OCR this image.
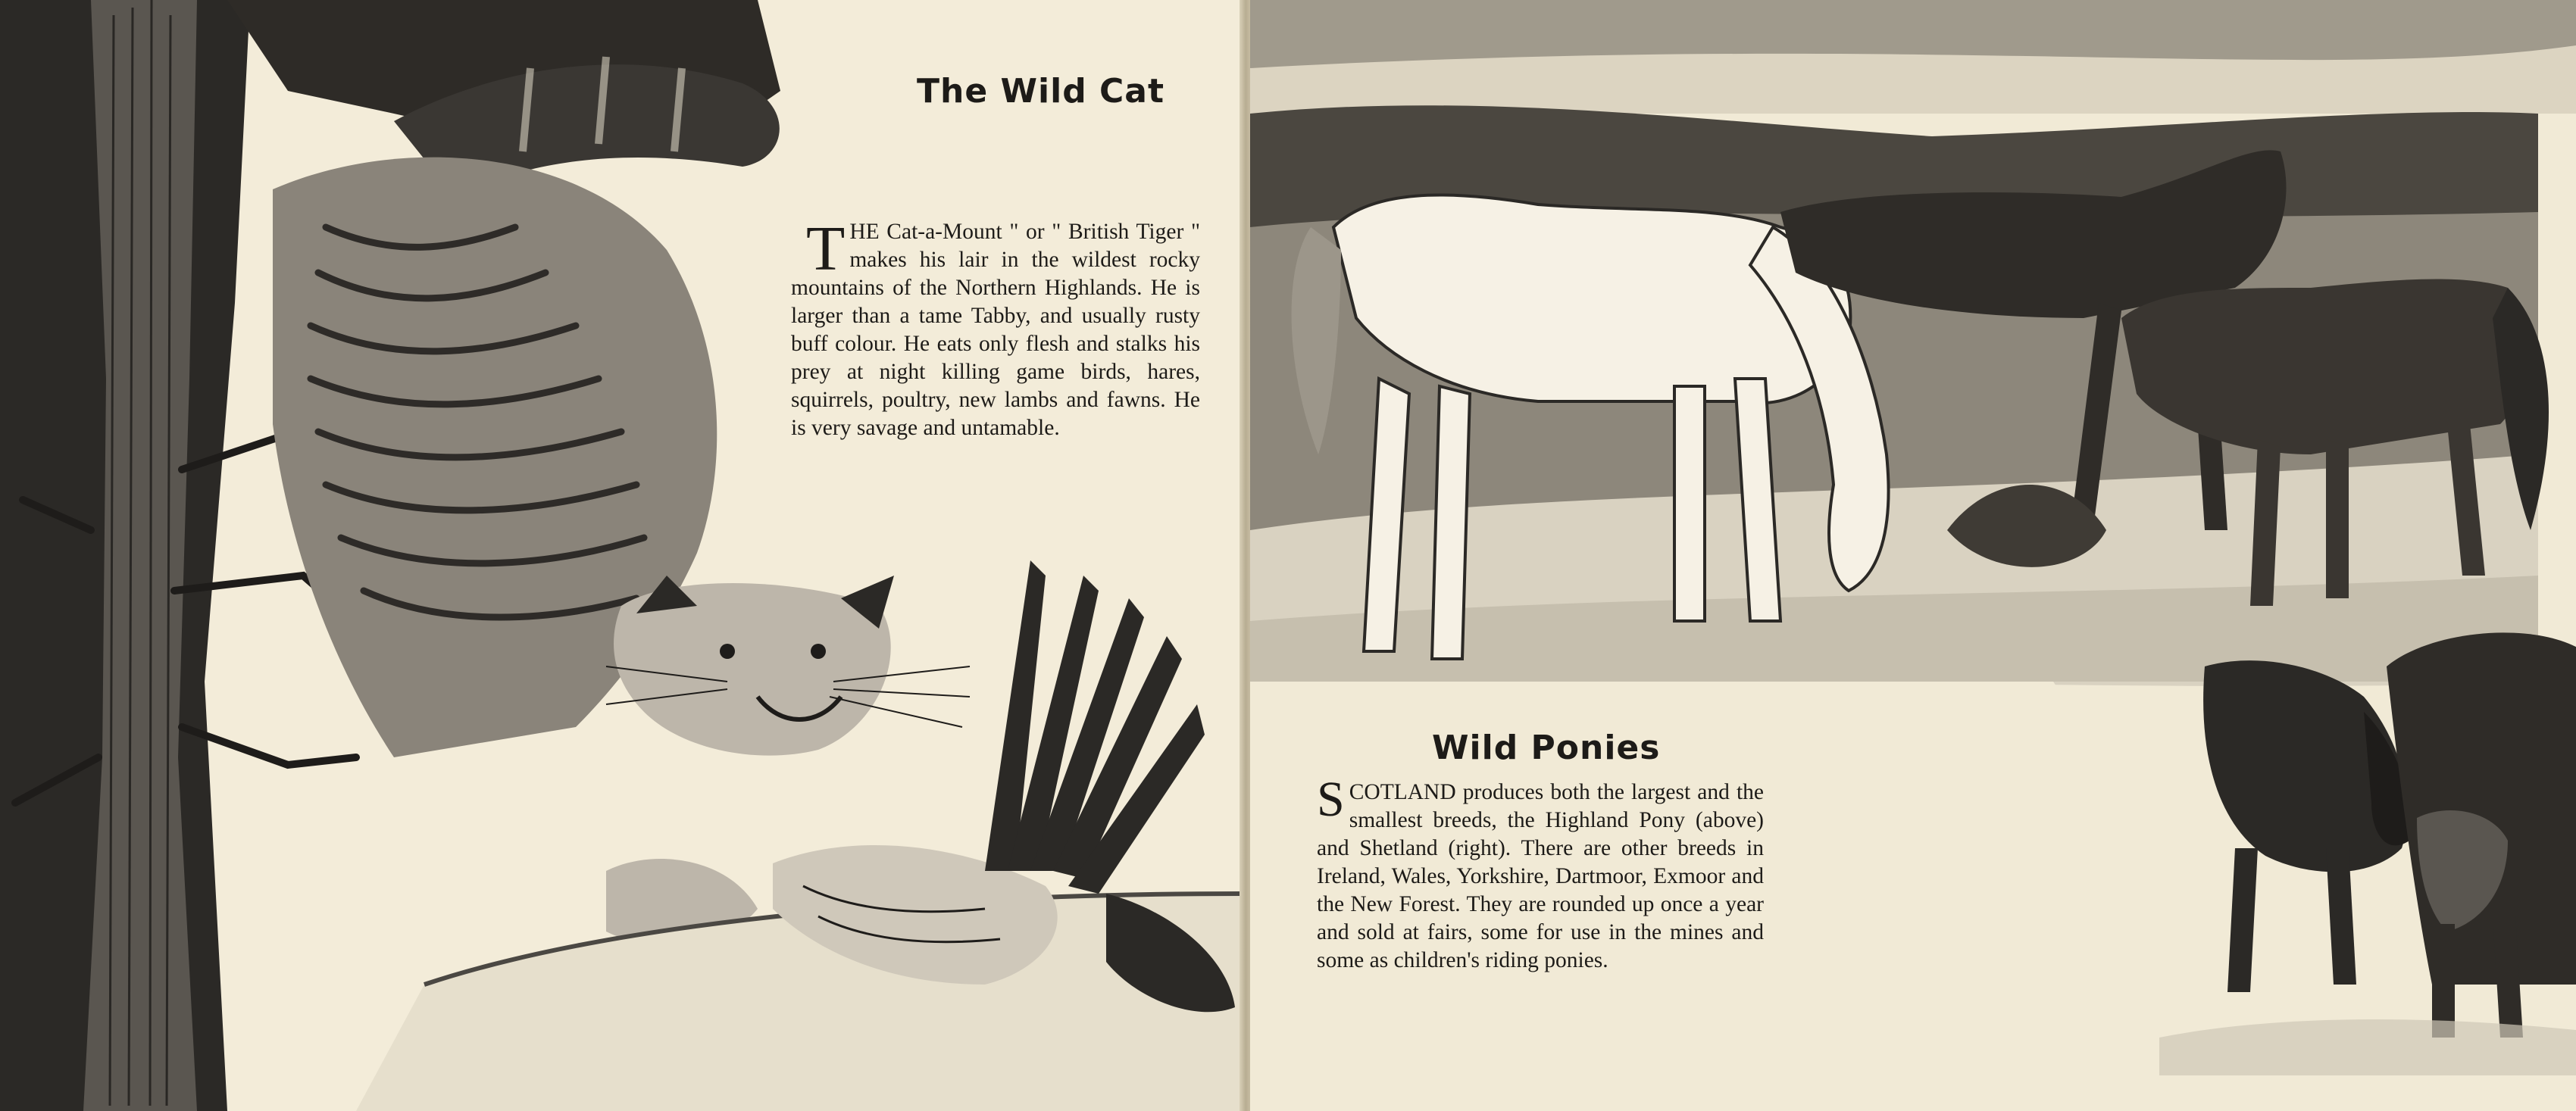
The Wild Cat
THE Cat-a-Mount " or " British Tiger " makes his lair in the wildest rocky mountains of the Northern Highlands. He is larger than a tame Tabby, and usually rusty buff colour. He eats only flesh and stalks his prey at night killing game birds, hares, squirrels, poultry, new lambs and fawns. He is very savage and untamable.
Wild Ponies
SCOTLAND produces both the largest and the smallest breeds, the Highland Pony (above) and Shetland (right). There are other breeds in Ireland, Wales, Yorkshire, Dartmoor, Exmoor and the New Forest. They are rounded up once a year and sold at fairs, some for use in the mines and some as children's riding ponies.
